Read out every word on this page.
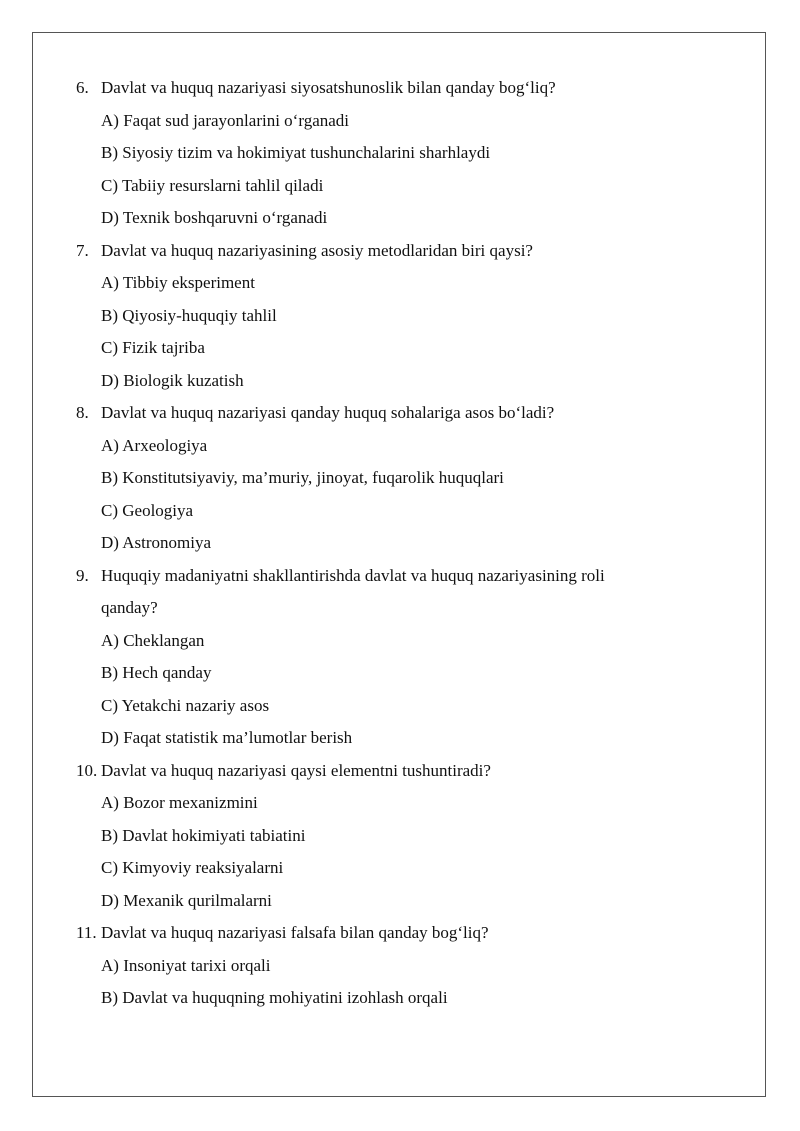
6. Davlat va huquq nazariyasi siyosatshunoslik bilan qanday bog‘liq?
A) Faqat sud jarayonlarini o‘rganadi
B) Siyosiy tizim va hokimiyat tushunchalarini sharhlaydi
C) Tabiiy resurslarni tahlil qiladi
D) Texnik boshqaruvni o‘rganadi
7. Davlat va huquq nazariyasining asosiy metodlaridan biri qaysi?
A) Tibbiy eksperiment
B) Qiyosiy-huquqiy tahlil
C) Fizik tajriba
D) Biologik kuzatish
8. Davlat va huquq nazariyasi qanday huquq sohalariga asos bo‘ladi?
A) Arxeologiya
B) Konstitutsiyaviy, ma’muriy, jinoyat, fuqarolik huquqlari
C) Geologiya
D) Astronomiya
9. Huquqiy madaniyatni shakllantirishda davlat va huquq nazariyasining roli
qanday?
A) Cheklangan
B) Hech qanday
C) Yetakchi nazariy asos
D) Faqat statistik ma’lumotlar berish
10. Davlat va huquq nazariyasi qaysi elementni tushuntiradi?
A) Bozor mexanizmini
B) Davlat hokimiyati tabiatini
C) Kimyoviy reaksiyalarni
D) Mexanik qurilmalarni
11. Davlat va huquq nazariyasi falsafa bilan qanday bog‘liq?
A) Insoniyat tarixi orqali
B) Davlat va huquqning mohiyatini izohlash orqali
